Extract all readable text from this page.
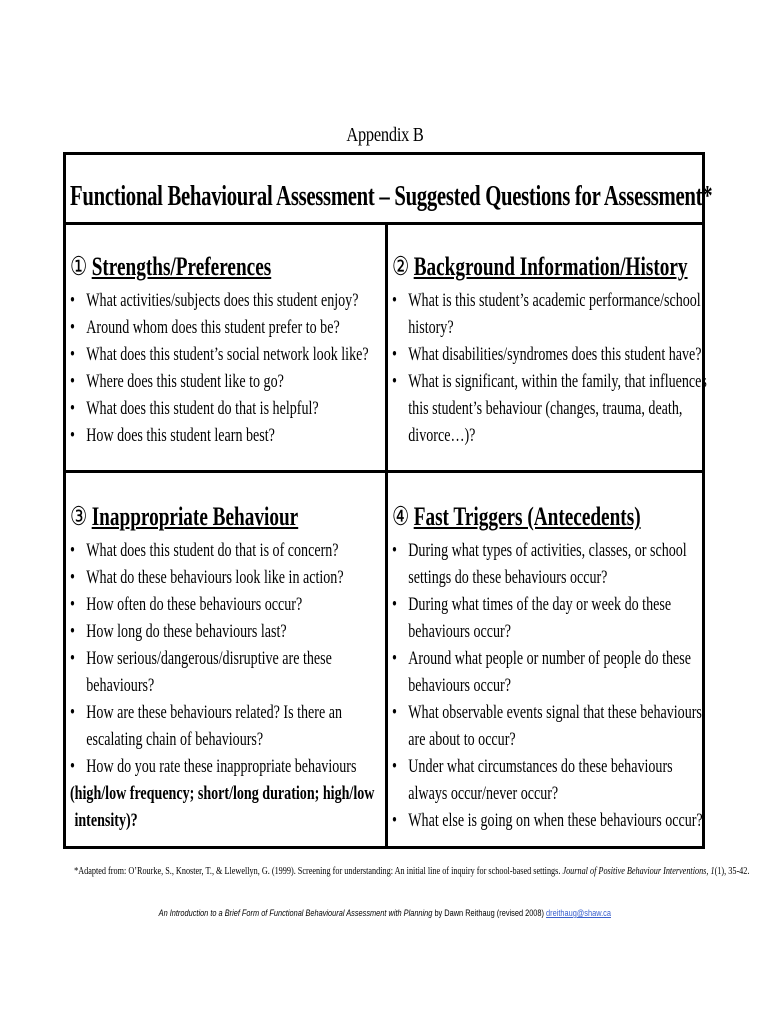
Appendix B
Functional Behavioural Assessment – Suggested Questions for Assessment*
① Strengths/Preferences
• What activities/subjects does this student enjoy?
• Around whom does this student prefer to be?
• What does this student’s social network look like?
• Where does this student like to go?
• What does this student do that is helpful?
• How does this student learn best?
② Background Information/History
• What is this student’s academic performance/school
history?
• What disabilities/syndromes does this student have?
• What is significant, within the family, that influences
this student’s behaviour (changes, trauma, death,
divorce…)?
③ Inappropriate Behaviour
• What does this student do that is of concern?
• What do these behaviours look like in action?
• How often do these behaviours occur?
• How long do these behaviours last?
• How serious/dangerous/disruptive are these
behaviours?
• How are these behaviours related? Is there an
escalating chain of behaviours?
• How do you rate these inappropriate behaviours
(high/low frequency; short/long duration; high/low
intensity)?
④ Fast Triggers (Antecedents)
• During what types of activities, classes, or school
settings do these behaviours occur?
• During what times of the day or week do these
behaviours occur?
• Around what people or number of people do these
behaviours occur?
• What observable events signal that these behaviours
are about to occur?
• Under what circumstances do these behaviours
always occur/never occur?
• What else is going on when these behaviours occur?
*Adapted from: O’Rourke, S., Knoster, T., & Llewellyn, G. (1999). Screening for understanding: An initial line of inquiry for school-based settings. Journal of Positive Behaviour Interventions, 1(1), 35-42.
An Introduction to a Brief Form of Functional Behavioural Assessment with Planning by Dawn Reithaug (revised 2008) dreithaug@shaw.ca
